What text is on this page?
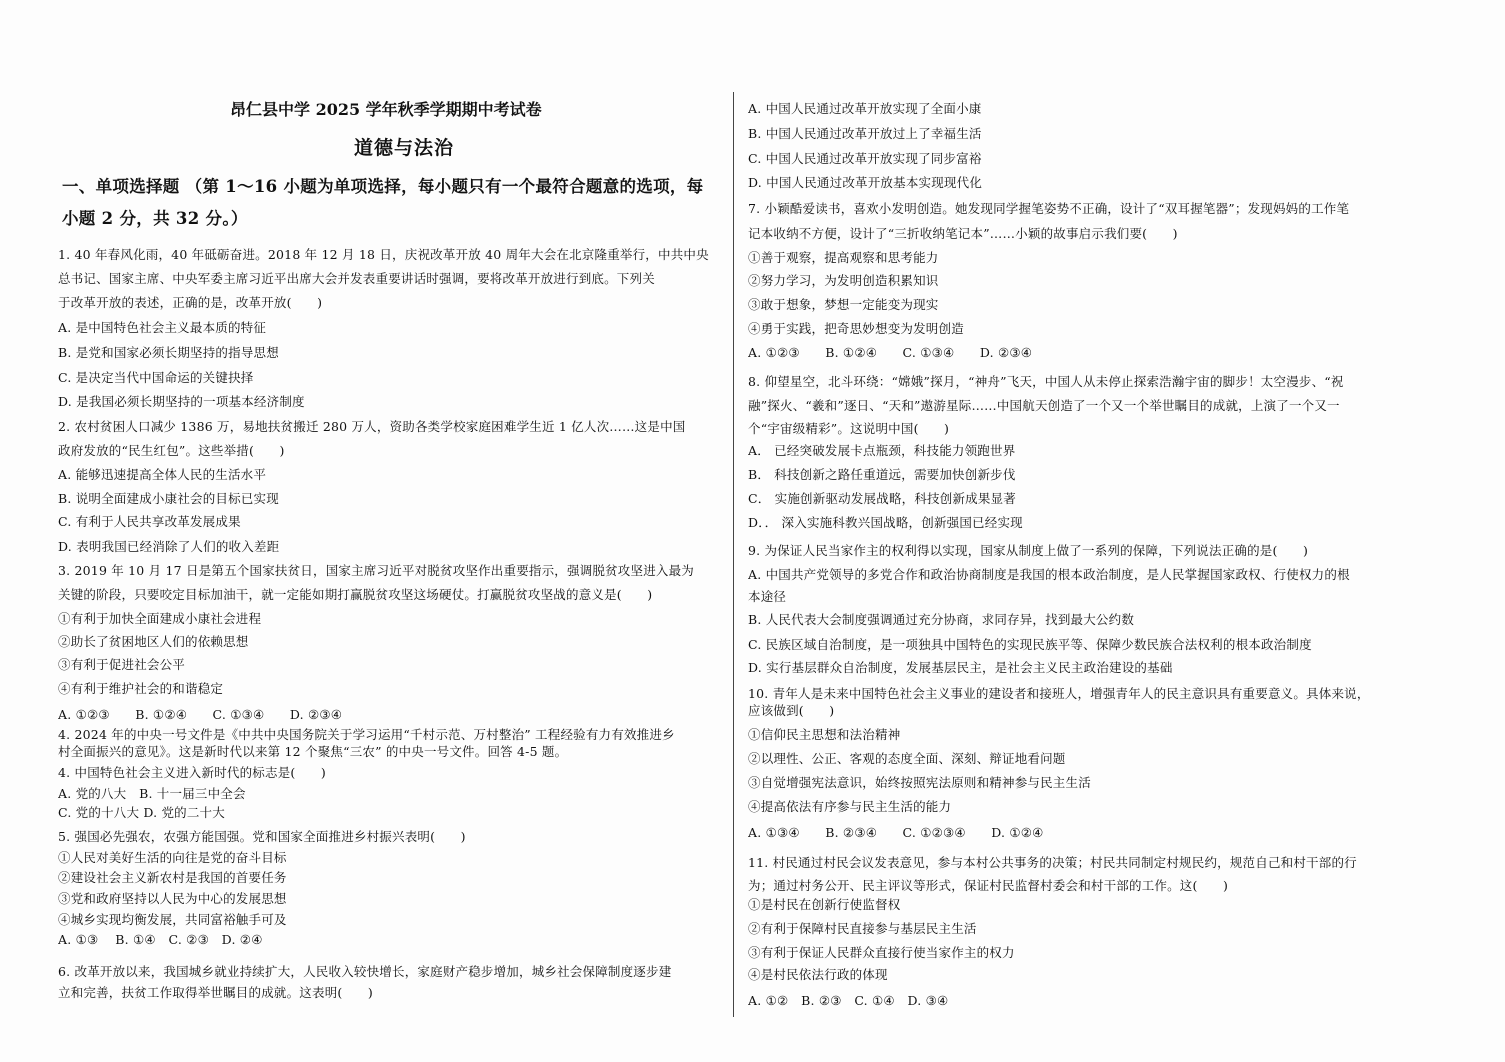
昂仁县中学 2025 学年秋季学期期中考试卷
道德与法治
一、单项选择题 （第 1～16 小题为单项选择，每小题只有一个最符合题意的选项，每
小题 2 分，共 32 分。）
1. 40 年春风化雨，40 年砥砺奋进。2018 年 12 月 18 日，庆祝改革开放 40 周年大会在北京隆重举行，中共中央
总书记、国家主席、中央军委主席习近平出席大会并发表重要讲话时强调，要将改革开放进行到底。下列关
于改革开放的表述，正确的是，改革开放(　　)
A. 是中国特色社会主义最本质的特征
B. 是党和国家必须长期坚持的指导思想
C. 是决定当代中国命运的关键抉择
D. 是我国必须长期坚持的一项基本经济制度
2. 农村贫困人口减少 1386 万，易地扶贫搬迁 280 万人，资助各类学校家庭困难学生近 1 亿人次……这是中国
政府发放的“民生红包”。这些举措(　　)
A. 能够迅速提高全体人民的生活水平
B. 说明全面建成小康社会的目标已实现
C. 有利于人民共享改革发展成果
D. 表明我国已经消除了人们的收入差距
3. 2019 年 10 月 17 日是第五个国家扶贫日，国家主席习近平对脱贫攻坚作出重要指示，强调脱贫攻坚进入最为
关键的阶段，只要咬定目标加油干，就一定能如期打赢脱贫攻坚这场硬仗。打赢脱贫攻坚战的意义是(　　)
①有利于加快全面建成小康社会进程
②助长了贫困地区人们的依赖思想
③有利于促进社会公平
④有利于维护社会的和谐稳定
A. ①②③　　B. ①②④　　C. ①③④　　D. ②③④
4. 2024 年的中央一号文件是《中共中央国务院关于学习运用“千村示范、万村整治” 工程经验有力有效推进乡
村全面振兴的意见》。这是新时代以来第 12 个聚焦“三农” 的中央一号文件。回答 4-5 题。
4. 中国特色社会主义进入新时代的标志是(　　)
A. 党的八大　B. 十一届三中全会
C. 党的十八大 D. 党的二十大
5. 强国必先强农，农强方能国强。党和国家全面推进乡村振兴表明(　　)
①人民对美好生活的向往是党的奋斗目标
②建设社会主义新农村是我国的首要任务
③党和政府坚持以人民为中心的发展思想
④城乡实现均衡发展，共同富裕触手可及
A. ①③　 B. ①④　C. ②③　D. ②④
6. 改革开放以来，我国城乡就业持续扩大，人民收入较快增长，家庭财产稳步增加，城乡社会保障制度逐步建
立和完善，扶贫工作取得举世瞩目的成就。这表明(　　)
A. 中国人民通过改革开放实现了全面小康
B. 中国人民通过改革开放过上了幸福生活
C. 中国人民通过改革开放实现了同步富裕
D. 中国人民通过改革开放基本实现现代化
7. 小颖酷爱读书，喜欢小发明创造。她发现同学握笔姿势不正确，设计了“双耳握笔器”；发现妈妈的工作笔
记本收纳不方便，设计了“三折收纳笔记本”……小颖的故事启示我们要(　　)
①善于观察，提高观察和思考能力
②努力学习，为发明创造积累知识
③敢于想象，梦想一定能变为现实
④勇于实践，把奇思妙想变为发明创造
A. ①②③　　B. ①②④　　C. ①③④　　D. ②③④
8. 仰望星空，北斗环绕：“嫦娥”探月，“神舟”飞天，中国人从未停止探索浩瀚宇宙的脚步！太空漫步、“祝
融”探火、“羲和”逐日、“天和”遨游星际……中国航天创造了一个又一个举世瞩目的成就，上演了一个又一
个“宇宙级精彩”。这说明中国(　　)
A． 已经突破发展卡点瓶颈，科技能力领跑世界
B． 科技创新之路任重道远，需要加快创新步伐
C． 实施创新驱动发展战略，科技创新成果显著
D．． 深入实施科教兴国战略，创新强国已经实现
9. 为保证人民当家作主的权利得以实现，国家从制度上做了一系列的保障，下列说法正确的是(　　)
A. 中国共产党领导的多党合作和政治协商制度是我国的根本政治制度，是人民掌握国家政权、行使权力的根
本途径
B. 人民代表大会制度强调通过充分协商，求同存异，找到最大公约数
C. 民族区域自治制度，是一项独具中国特色的实现民族平等、保障少数民族合法权利的根本政治制度
D. 实行基层群众自治制度，发展基层民主，是社会主义民主政治建设的基础
10. 青年人是未来中国特色社会主义事业的建设者和接班人，增强青年人的民主意识具有重要意义。具体来说，
应该做到(　　)
①信仰民主思想和法治精神
②以理性、公正、客观的态度全面、深刻、辩证地看问题
③自觉增强宪法意识，始终按照宪法原则和精神参与民主生活
④提高依法有序参与民主生活的能力
A. ①③④　　B. ②③④　　C. ①②③④　　D. ①②④
11. 村民通过村民会议发表意见，参与本村公共事务的决策；村民共同制定村规民约，规范自己和村干部的行
为；通过村务公开、民主评议等形式，保证村民监督村委会和村干部的工作。这(　　)
①是村民在创新行使监督权
②有利于保障村民直接参与基层民主生活
③有利于保证人民群众直接行使当家作主的权力
④是村民依法行政的体现
A. ①②　B. ②③　C. ①④　D. ③④
